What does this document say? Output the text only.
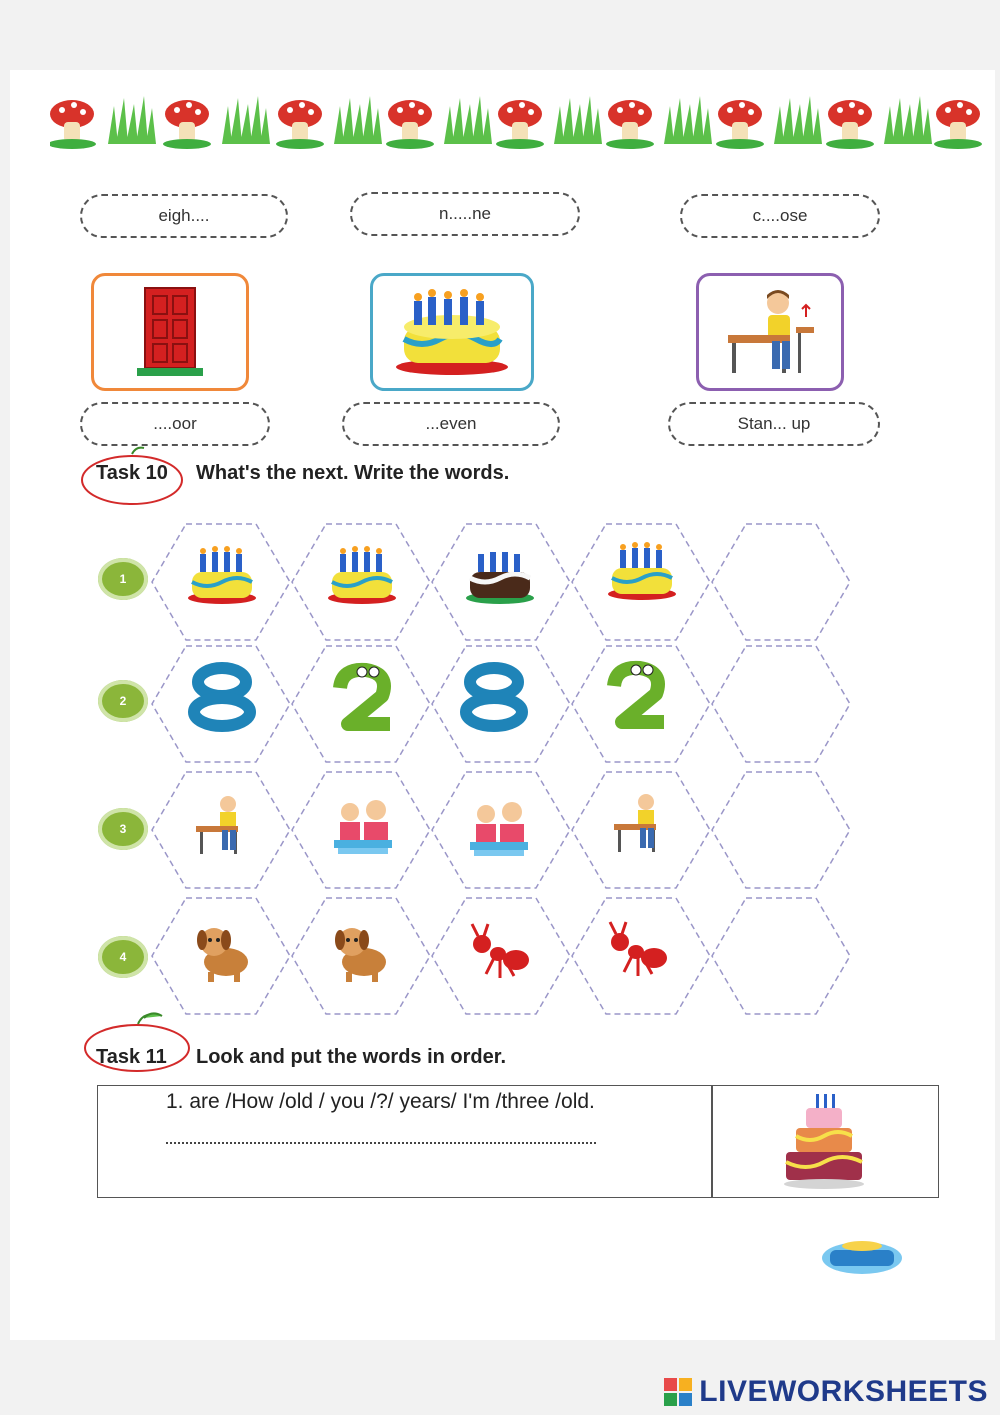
eigh....	n.....ne	c....ose
....oor	...even	Stan... up
Task 10 What's the next. Write the words.
1
2
3
4
Task 11 Look and put the words in order.
1. are /How /old / you /?/ years/ I'm /three /old.
LIVEWORKSHEETS
